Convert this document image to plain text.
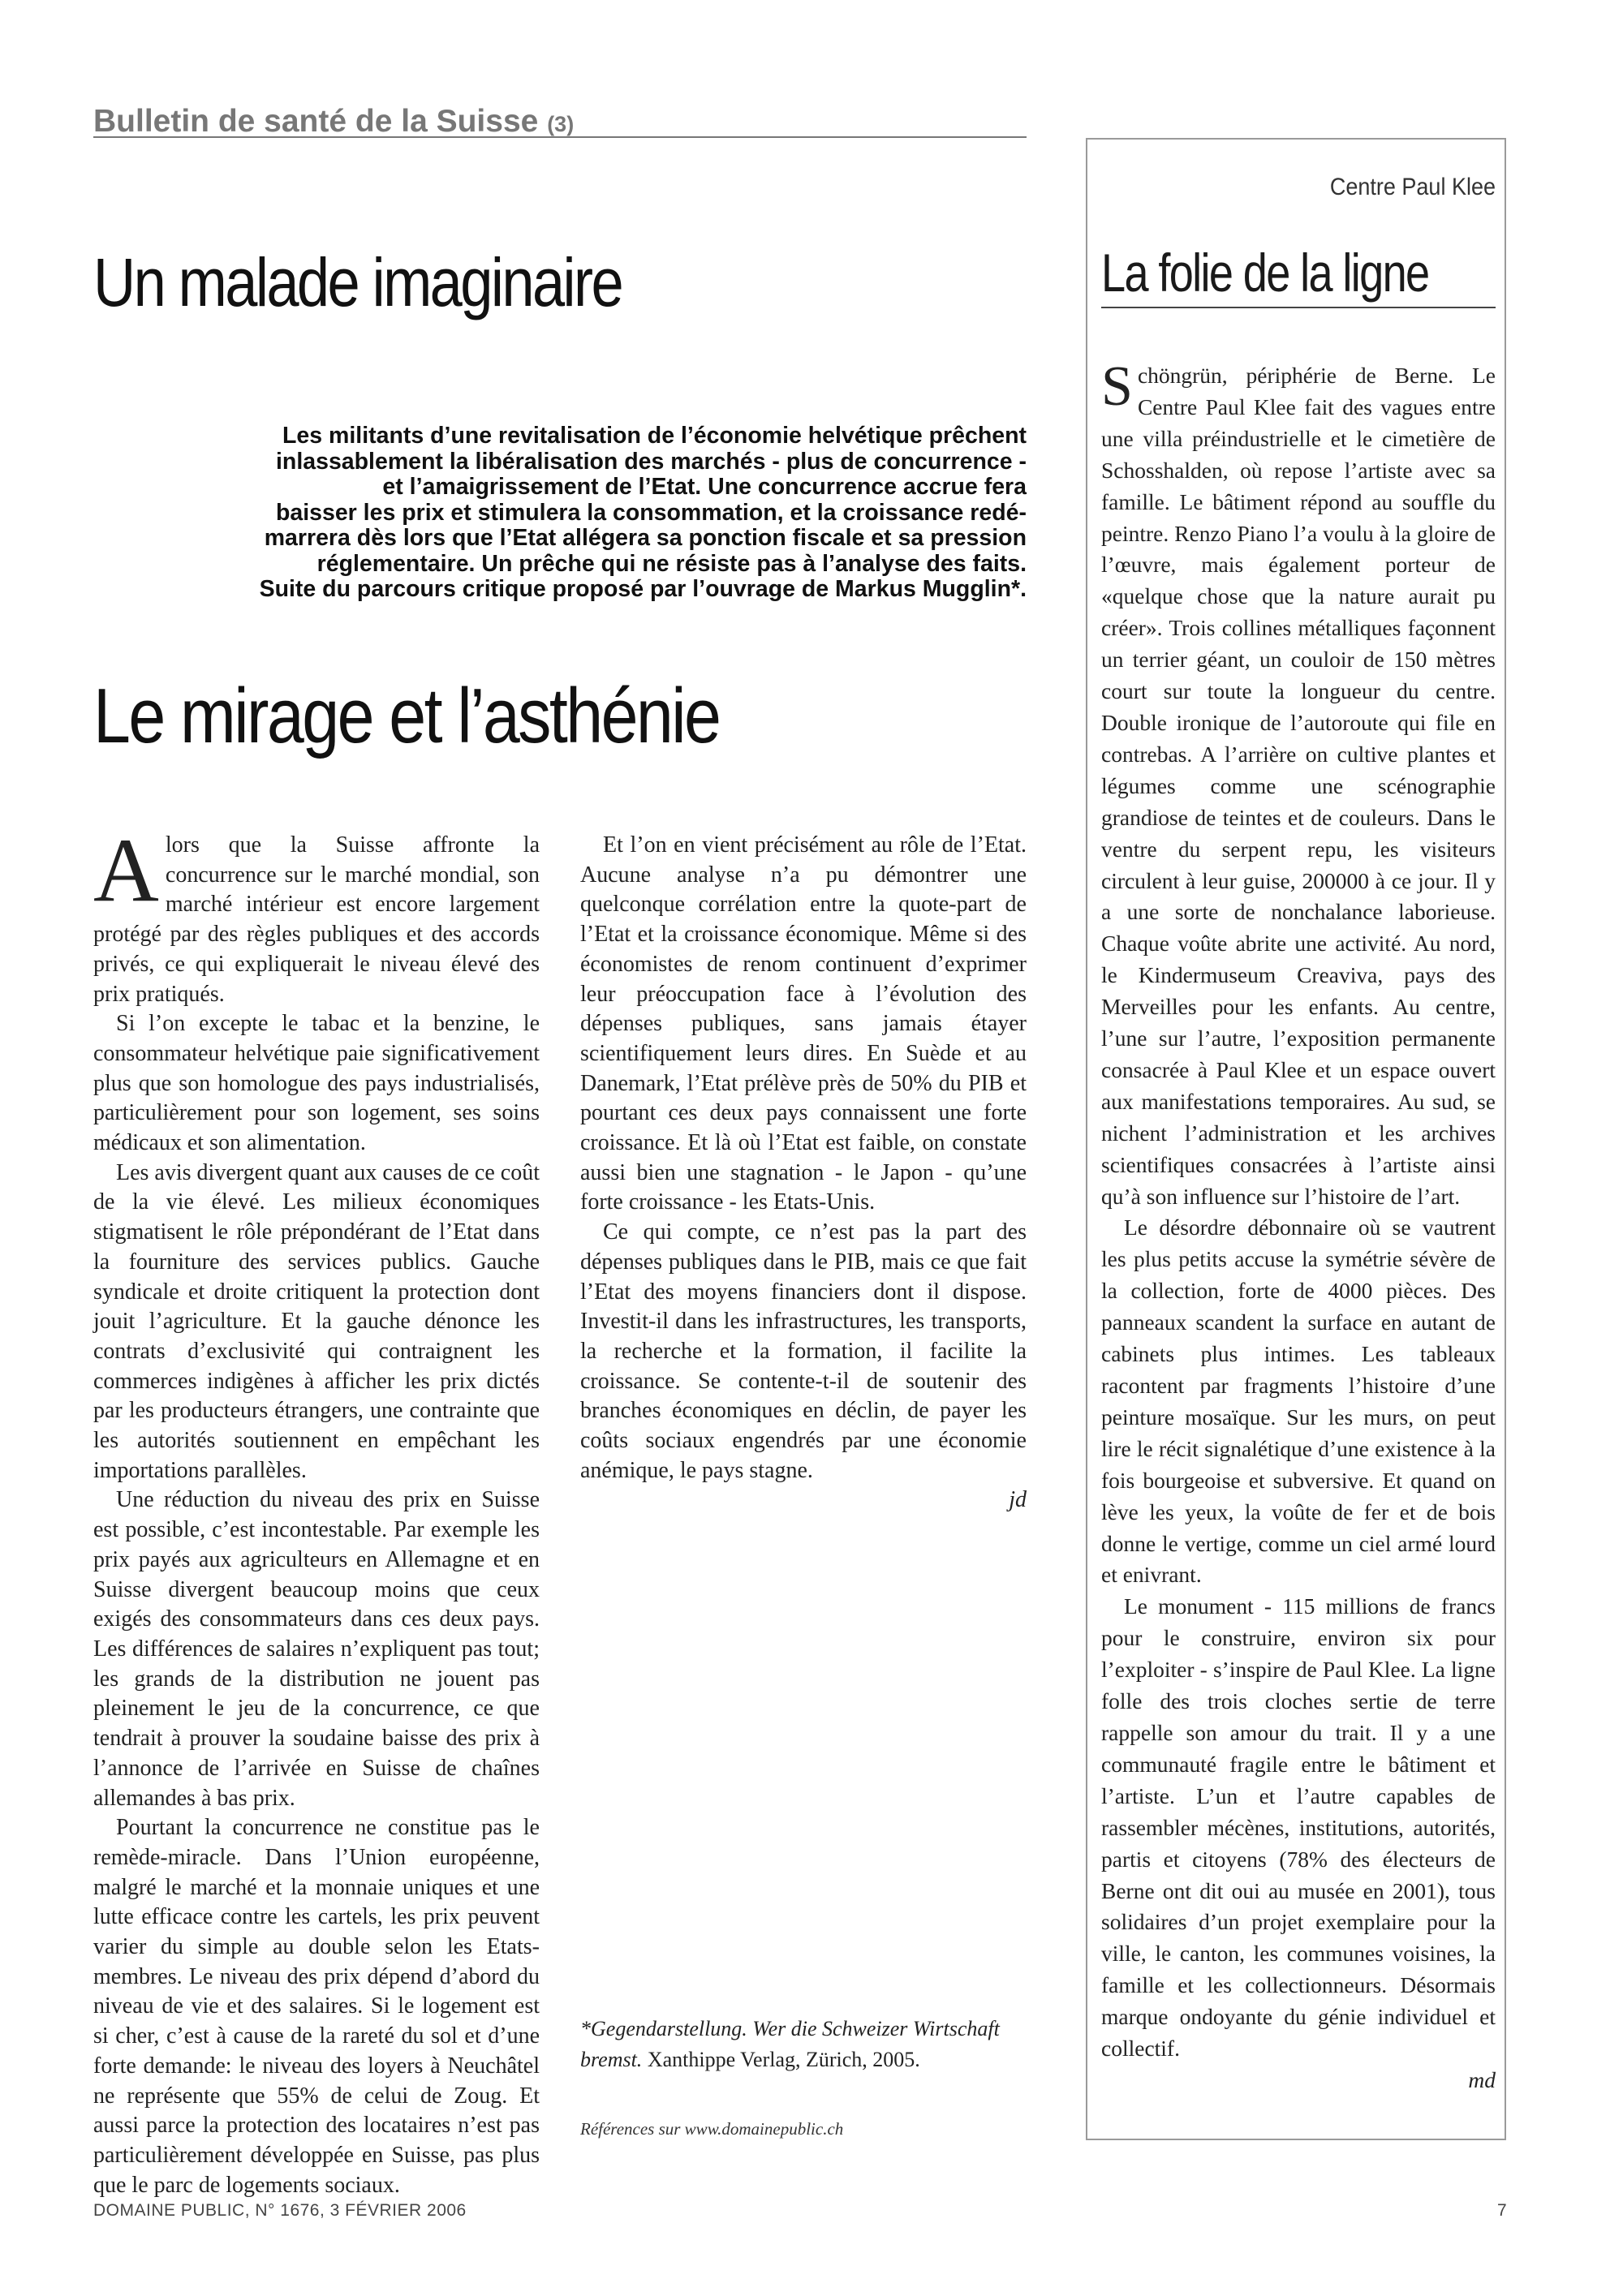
Bulletin de santé de la Suisse (3)
Un malade imaginaire
Les militants d’une revitalisation de l’économie helvétique prêchent
inlassablement la libéralisation des marchés - plus de concurrence -
et l’amaigrissement de l’Etat. Une concurrence accrue fera
baisser les prix et stimulera la consommation, et la croissance redé-
marrera dès lors que l’Etat allégera sa ponction fiscale et sa pression
réglementaire. Un prêche qui ne résiste pas à l’analyse des faits.
Suite du parcours critique proposé par l’ouvrage de Markus Mugglin*.
Le mirage et l’asthénie

Alors que la Suisse affronte la concurrence sur le marché mondial, son marché intérieur est encore largement protégé par des règles publiques et des accords privés, ce qui expliquerait le niveau élevé des prix pratiqués.

Si l’on excepte le tabac et la benzine, le consommateur helvétique paie significativement plus que son homologue des pays industrialisés, particulièrement pour son logement, ses soins médicaux et son alimentation.

Les avis divergent quant aux causes de ce coût de la vie élevé. Les milieux économiques stigmatisent le rôle prépondérant de l’Etat dans la fourniture des services publics. Gauche syndicale et droite critiquent la protection dont jouit l’agriculture. Et la gauche dénonce les contrats d’exclusivité qui contraignent les commerces indigènes à afficher les prix dictés par les producteurs étrangers, une contrainte que les autorités soutiennent en empêchant les importations parallèles.

Une réduction du niveau des prix en Suisse est possible, c’est incontestable. Par exemple les prix payés aux agriculteurs en Allemagne et en Suisse divergent beaucoup moins que ceux exigés des consommateurs dans ces deux pays. Les différences de salaires n’expliquent pas tout; les grands de la distribution ne jouent pas pleinement le jeu de la concurrence, ce que tendrait à prouver la soudaine baisse des prix à l’annonce de l’arrivée en Suisse de chaînes allemandes à bas prix.

Pourtant la concurrence ne constitue pas le remède-miracle. Dans l’Union européenne, malgré le marché et la monnaie uniques et une lutte efficace contre les cartels, les prix peuvent varier du simple au double selon les Etats-membres. Le niveau des prix dépend d’abord du niveau de vie et des salaires. Si le logement est si cher, c’est à cause de la rareté du sol et d’une forte demande: le niveau des loyers à Neuchâtel ne représente que 55% de celui de Zoug. Et aussi parce la protection des locataires n’est pas particulièrement développée en Suisse, pas plus que le parc de logements sociaux.

Et l’on en vient précisément au rôle de l’Etat. Aucune analyse n’a pu démontrer une quelconque corrélation entre la quote-part de l’Etat et la croissance économique. Même si des économistes de renom continuent d’exprimer leur préoccupation face à l’évolution des dépenses publiques, sans jamais étayer scientifiquement leurs dires. En Suède et au Danemark, l’Etat prélève près de 50% du PIB et pourtant ces deux pays connaissent une forte croissance. Et là où l’Etat est faible, on constate aussi bien une stagnation - le Japon - qu’une forte croissance - les Etats-Unis.

Ce qui compte, ce n’est pas la part des dépenses publiques dans le PIB, mais ce que fait l’Etat des moyens financiers dont il dispose. Investit-il dans les infrastructures, les transports, la recherche et la formation, il facilite la croissance. Se contente-t-il de soutenir des branches économiques en déclin, de payer les coûts sociaux engendrés par une économie anémique, le pays stagne.

jd
*Gegendarstellung. Wer die Schweizer Wirtschaft bremst. Xanthippe Verlag, Zürich, 2005.
Références sur www.domainepublic.ch
Centre Paul Klee
La folie de la ligne

Schöngrün, périphérie de Berne. Le Centre Paul Klee fait des vagues entre une villa préindustrielle et le cimetière de Schosshalden, où repose l’artiste avec sa famille. Le bâtiment répond au souffle du peintre. Renzo Piano l’a voulu à la gloire de l’œuvre, mais également porteur de «quelque chose que la nature aurait pu créer». Trois collines métalliques façonnent un terrier géant, un couloir de 150 mètres court sur toute la longueur du centre. Double ironique de l’autoroute qui file en contrebas. A l’arrière on cultive plantes et légumes comme une scénographie grandiose de teintes et de couleurs. Dans le ventre du serpent repu, les visiteurs circulent à leur guise, 200000 à ce jour. Il y a une sorte de nonchalance laborieuse. Chaque voûte abrite une activité. Au nord, le Kindermuseum Creaviva, pays des Merveilles pour les enfants. Au centre, l’une sur l’autre, l’exposition permanente consacrée à Paul Klee et un espace ouvert aux manifestations temporaires. Au sud, se nichent l’administration et les archives scientifiques consacrées à l’artiste ainsi qu’à son influence sur l’histoire de l’art.

Le désordre débonnaire où se vautrent les plus petits accuse la symétrie sévère de la collection, forte de 4000 pièces. Des panneaux scandent la surface en autant de cabinets plus intimes. Les tableaux racontent par fragments l’histoire d’une peinture mosaïque. Sur les murs, on peut lire le récit signalétique d’une existence à la fois bourgeoise et subversive. Et quand on lève les yeux, la voûte de fer et de bois donne le vertige, comme un ciel armé lourd et enivrant.

Le monument - 115 millions de francs pour le construire, environ six pour l’exploiter - s’inspire de Paul Klee. La ligne folle des trois cloches sertie de terre rappelle son amour du trait. Il y a une communauté fragile entre le bâtiment et l’artiste. L’un et l’autre capables de rassembler mécènes, institutions, autorités, partis et citoyens (78% des électeurs de Berne ont dit oui au musée en 2001), tous solidaires d’un projet exemplaire pour la ville, le canton, les communes voisines, la famille et les collectionneurs. Désormais marque ondoyante du génie individuel et collectif.

md
DOMAINE PUBLIC, N° 1676, 3 FÉVRIER 2006	7
